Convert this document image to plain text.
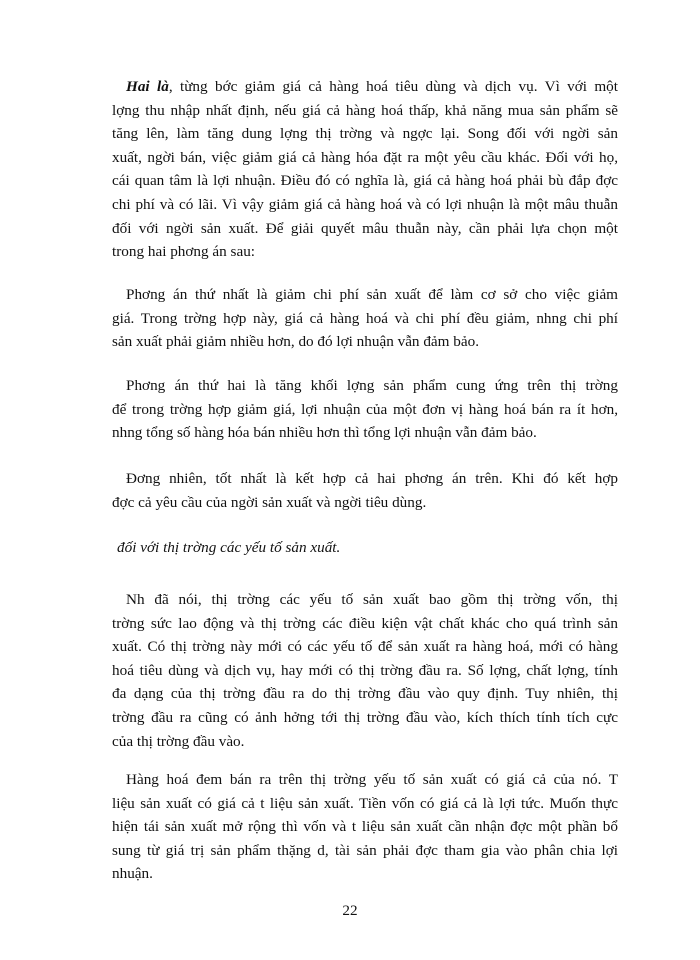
Hai là, từng bớc giảm giá cả hàng hoá tiêu dùng và dịch vụ. Vì với một
lợng thu nhập nhất định, nếu giá cả hàng hoá thấp, khả năng mua sản phẩm sẽ
tăng lên, làm tăng dung lợng thị trờng và ngợc lại. Song đối với ngời sản
xuất, ngời bán, việc giảm giá cả hàng hóa đặt ra một yêu cầu khác. Đối với họ,
cái quan tâm là lợi nhuận. Điều đó có nghĩa là, giá cả hàng hoá phải bù đắp đợc
chi phí và có lãi. Vì vậy giảm giá cả hàng hoá và có lợi nhuận là một mâu thuẫn
đối với ngời sản xuất. Để giải quyết mâu thuẫn này, cần phải lựa chọn một
trong hai phơng án sau:
Phơng án thứ nhất là giảm chi phí sản xuất để làm cơ sở cho việc giảm
giá. Trong trờng hợp này, giá cả hàng hoá và chi phí đều giảm, nhng chi phí
sản xuất phải giảm nhiều hơn, do đó lợi nhuận vẫn đảm bảo.
Phơng án thứ hai là tăng khối lợng sản phẩm cung ứng trên thị trờng
để trong trờng hợp giảm giá, lợi nhuận của một đơn vị hàng hoá bán ra ít hơn,
nhng tổng số hàng hóa bán nhiều hơn thì tổng lợi nhuận vẫn đảm bảo.
Đơng nhiên, tốt nhất là kết hợp cả hai phơng án trên. Khi đó kết hợp
đợc cả yêu cầu của ngời sản xuất và ngời tiêu dùng.

đối với thị trờng các yếu tố sản xuất.

Nh đã nói, thị trờng các yếu tố sản xuất bao gồm thị trờng vốn, thị
trờng sức lao động và thị trờng các điều kiện vật chất khác cho quá trình sản
xuất. Có thị trờng này mới có các yếu tố để sản xuất ra hàng hoá, mới có hàng
hoá tiêu dùng và dịch vụ, hay mới có thị trờng đầu ra. Số lợng, chất lợng, tính
đa dạng của thị trờng đầu ra do thị trờng đầu vào quy định. Tuy nhiên, thị
trờng đầu ra cũng có ảnh hởng tới thị trờng đầu vào, kích thích tính tích cực
của thị trờng đầu vào.
Hàng hoá đem bán ra trên thị trờng yếu tố sản xuất có giá cả của nó. T
liệu sản xuất có giá cả t liệu sản xuất. Tiền vốn có giá cả là lợi tức. Muốn thực
hiện tái sản xuất mở rộng thì vốn và t liệu sản xuất cần nhận đợc một phần bổ
sung từ giá trị sản phẩm thặng d, tài sản phải đợc tham gia vào phân chia lợi
nhuận.
22
